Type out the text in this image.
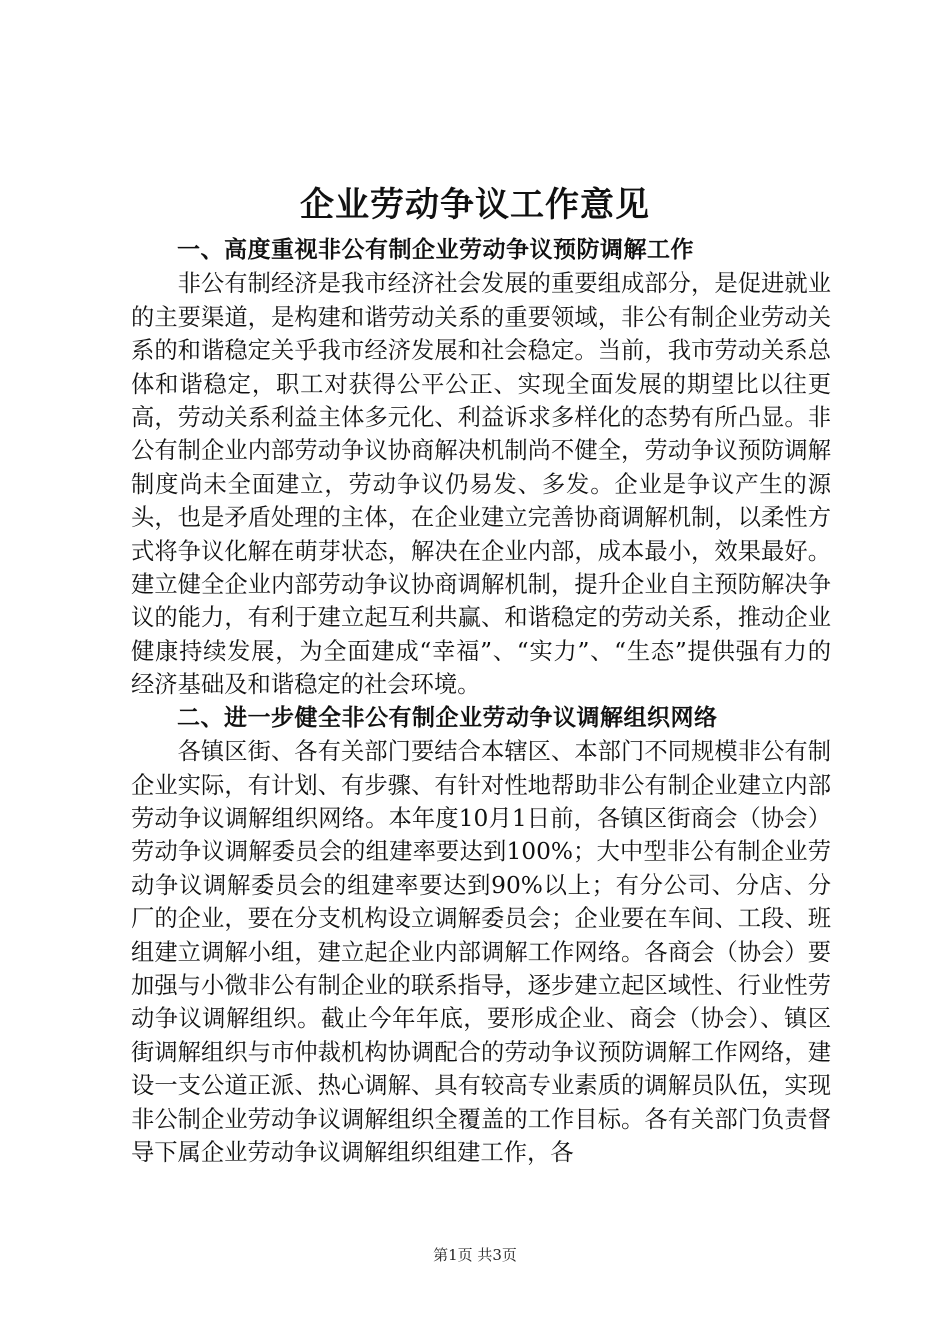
企业劳动争议工作意见

一、高度重视非公有制企业劳动争议预防调解工作

非公有制经济是我市经济社会发展的重要组成部分，是促进就业的主要渠道，是构建和谐劳动关系的重要领域，非公有制企业劳动关系的和谐稳定关乎我市经济发展和社会稳定。当前，我市劳动关系总体和谐稳定，职工对获得公平公正、实现全面发展的期望比以往更高，劳动关系利益主体多元化、利益诉求多样化的态势有所凸显。非公有制企业内部劳动争议协商解决机制尚不健全，劳动争议预防调解制度尚未全面建立，劳动争议仍易发、多发。企业是争议产生的源头，也是矛盾处理的主体，在企业建立完善协商调解机制，以柔性方式将争议化解在萌芽状态，解决在企业内部，成本最小，效果最好。建立健全企业内部劳动争议协商调解机制，提升企业自主预防解决争议的能力，有利于建立起互利共赢、和谐稳定的劳动关系，推动企业健康持续发展，为全面建成“幸福”、“实力”、“生态”提供强有力的经济基础及和谐稳定的社会环境。

二、进一步健全非公有制企业劳动争议调解组织网络

各镇区街、各有关部门要结合本辖区、本部门不同规模非公有制企业实际，有计划、有步骤、有针对性地帮助非公有制企业建立内部劳动争议调解组织网络。本年度10月1日前，各镇区街商会（协会）劳动争议调解委员会的组建率要达到100%；大中型非公有制企业劳动争议调解委员会的组建率要达到90%以上；有分公司、分店、分厂的企业，要在分支机构设立调解委员会；企业要在车间、工段、班组建立调解小组，建立起企业内部调解工作网络。各商会（协会）要加强与小微非公有制企业的联系指导，逐步建立起区域性、行业性劳动争议调解组织。截止今年年底，要形成企业、商会（协会）、镇区街调解组织与市仲裁机构协调配合的劳动争议预防调解工作网络，建设一支公道正派、热心调解、具有较高专业素质的调解员队伍，实现非公制企业劳动争议调解组织全覆盖的工作目标。各有关部门负责督导下属企业劳动争议调解组织组建工作，各

第1页 共3页
